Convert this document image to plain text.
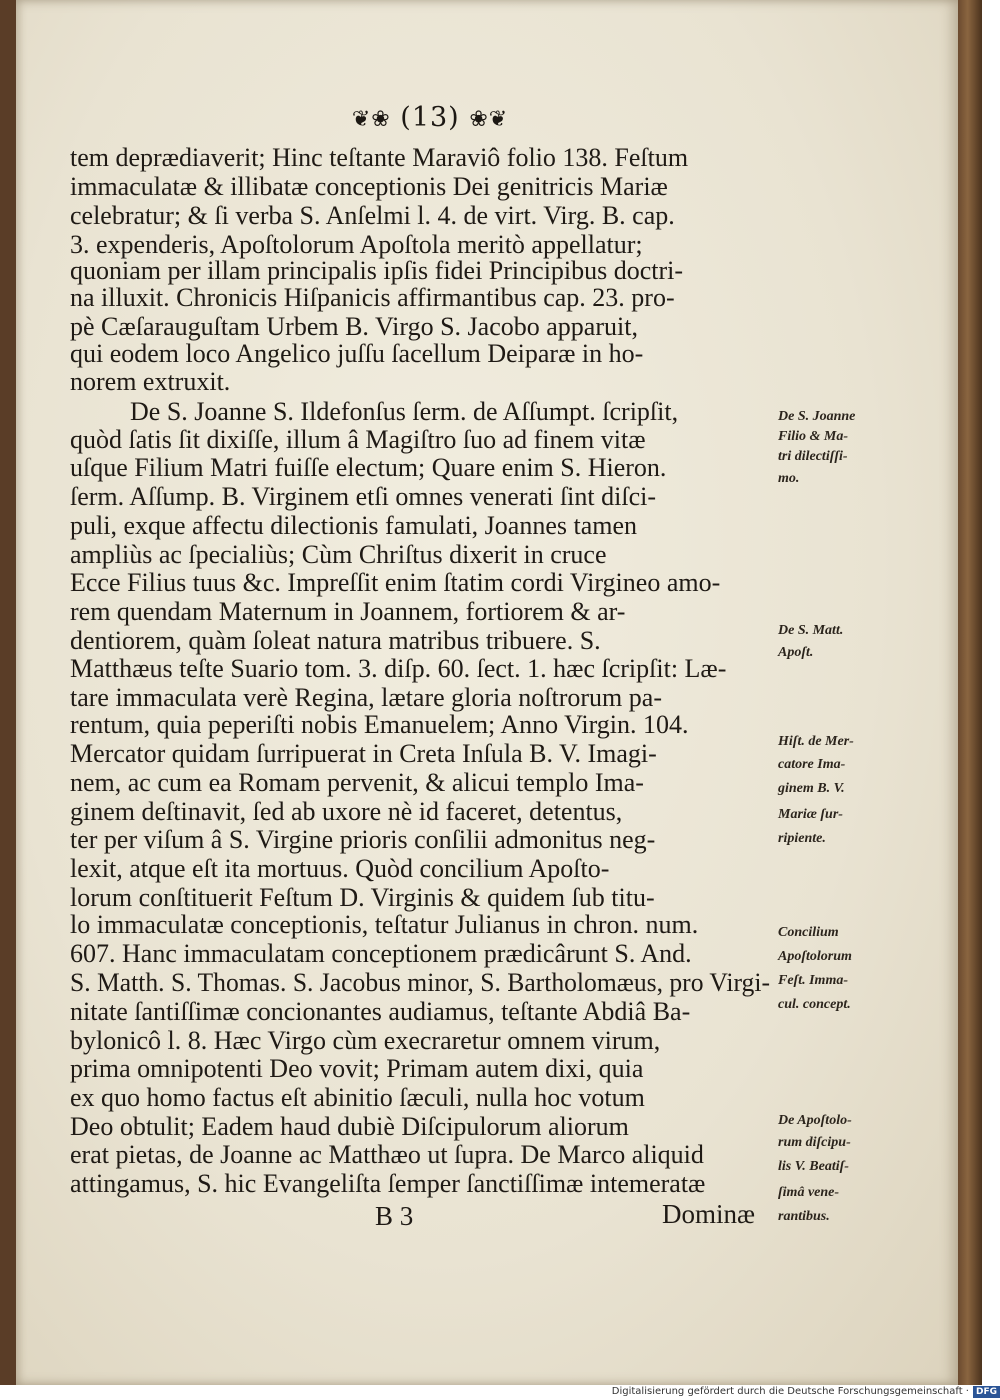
❦❀ (13) ❀❦
tem deprædiaverit; Hinc teſtante Maraviô folio 138. Feſtum
immaculatæ & illibatæ conceptionis Dei genitricis Mariæ
celebratur; & ſi verba S. Anſelmi l. 4. de virt. Virg. B. cap.
3. expenderis, Apoſtolorum Apoſtola meritò appellatur;
quoniam per illam principalis ipſis fidei Principibus doctri-
na illuxit. Chronicis Hiſpanicis affirmantibus cap. 23. pro-
pè Cæſarauguſtam Urbem B. Virgo S. Jacobo apparuit,
qui eodem loco Angelico juſſu ſacellum Deiparæ in ho-
norem extruxit.
De S. Joanne S. Ildefonſus ſerm. de Aſſumpt. ſcripſit,
quòd ſatis ſit dixiſſe, illum â Magiſtro ſuo ad finem vitæ
uſque Filium Matri fuiſſe electum; Quare enim S. Hieron.
ſerm. Aſſump. B. Virginem etſi omnes venerati ſint diſci-
puli, exque affectu dilectionis famulati, Joannes tamen
ampliùs ac ſpecialiùs; Cùm Chriſtus dixerit in cruce
Ecce Filius tuus &c. Impreſſit enim ſtatim cordi Virgineo amo-
rem quendam Maternum in Joannem, fortiorem & ar-
dentiorem, quàm ſoleat natura matribus tribuere. S.
Matthæus teſte Suario tom. 3. diſp. 60. ſect. 1. hæc ſcripſit: Læ-
tare immaculata verè Regina, lætare gloria noſtrorum pa-
rentum, quia peperiſti nobis Emanuelem; Anno Virgin. 104.
Mercator quidam ſurripuerat in Creta Inſula B. V. Imagi-
nem, ac cum ea Romam pervenit, & alicui templo Ima-
ginem deſtinavit, ſed ab uxore nè id faceret, detentus,
ter per viſum â S. Virgine prioris conſilii admonitus neg-
lexit, atque eſt ita mortuus. Quòd concilium Apoſto-
lorum conſtituerit Feſtum D. Virginis & quidem ſub titu-
lo immaculatæ conceptionis, teſtatur Julianus in chron. num.
607. Hanc immaculatam conceptionem prædicârunt S. And.
S. Matth. S. Thomas. S. Jacobus minor, S. Bartholomæus, pro Virgi-
nitate ſantiſſimæ concionantes audiamus, teſtante Abdiâ Ba-
bylonicô l. 8. Hæc Virgo cùm execraretur omnem virum,
prima omnipotenti Deo vovit; Primam autem dixi, quia
ex quo homo factus eſt abinitio ſæculi, nulla hoc votum
Deo obtulit; Eadem haud dubiè Diſcipulorum aliorum
erat pietas, de Joanne ac Matthæo ut ſupra. De Marco aliquid
attingamus, S. hic Evangeliſta ſemper ſanctiſſimæ intemeratæ
De S. Joanne
Filio & Ma-
tri dilectiſſi-
mo.
De S. Matt.
Apoſt.
Hiſt. de Mer-
catore Ima-
ginem B. V.
Mariæ ſur-
ripiente.
Concilium
Apoſtolorum
Feſt. Imma-
cul. concept.
De Apoſtolo-
rum diſcipu-
lis V. Beatiſ-
ſimâ vene-
rantibus.
B 3	Dominæ
Digitalisierung gefördert durch die Deutsche Forschungsgemeinschaft · DFG
